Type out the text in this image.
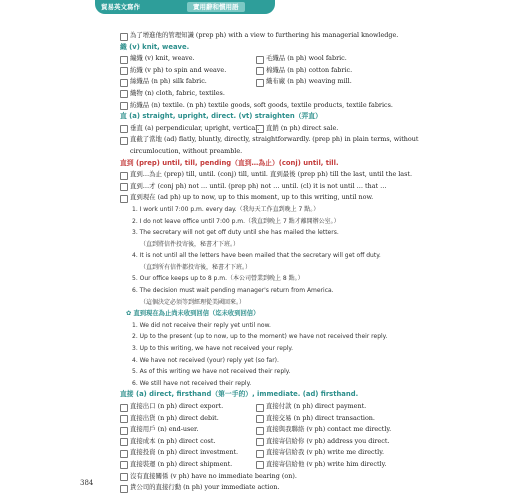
貿易英文寫作	實用辭和慣用語
為了增進他的管理知識 (prep ph) with a view to furthering his managerial knowledge.
織 (v) knit, weave.
編織 (v) knit, weave.	毛織品 (n ph) wool fabric.
紡織 (v ph) to spin and weave.	棉織品 (n ph) cotton fabric.
絲織品 (n ph) silk fabric.	織布廠 (n ph) weaving mill.
織物 (n) cloth, fabric, textiles.
紡織品 (n) textile. (n ph) textile goods, soft goods, textile products, textile fabrics.
直 (a) straight, upright, direct. (vt) straighten（弄直）
垂直 (a) perpendicular, upright, vertical. 直銷 (n ph) direct sale.
直截了當地 (ad) flatly, bluntly, directly, straightforwardly. (prep ph) in plain terms, without
circumlocution, without preamble.
直到 (prep) until, till, pending（直到…為止）(conj) until, till.
直到…為止 (prep) till, until. (conj) till, until. 直到最後 (prep ph) till the last, until the last.
直到…才 (conj ph) not … until. (prep ph) not … until. (cl) it is not until … that …
直到現在 (ad ph) up to now, up to this moment, up to this writing, until now.
1. I work until 7:00 p.m. every day.（我每天工作直到晚上 7 點。）
2. I do not leave office until 7:00 p.m.（我直到晚上 7 點才離開辦公室。）
3. The secretary will not get off duty until she has mailed the letters.
（直到將信件投寄後，秘書才下班。）
4. It is not until all the letters have been mailed that the secretary will get off duty.
（直到所有信件都投寄後，秘書才下班。）
5. Our office keeps up to 8 p.m.（本公司營業到晚上 8 點。）
6. The decision must wait pending manager's return from America.
（這個決定必須等到經理從美國回來。）
✿ 直到現在為止尚未收到回信（迄未收到回信）
1. We did not receive their reply yet until now.
2. Up to the present (up to now, up to the moment) we have not received their reply.
3. Up to this writing, we have not received your reply.
4. We have not received (your) reply yet (so far).
5. As of this writing we have not received their reply.
6. We still have not received their reply.
直接 (a) direct, firsthand（第一手的）, immediate. (ad) firsthand.
直接出口 (n ph) direct export.	直接付款 (n ph) direct payment.
直接出貨 (n ph) direct debit.	直接交易 (n ph) direct transaction.
直接用戶 (n) end-user.	直接與我聯絡 (v ph) contact me directly.
直接成本 (n ph) direct cost.	直接寄信給你 (v ph) address you direct.
直接投資 (n ph) direct investment.	直接寄信給我 (v ph) write me directly.
直接裝運 (n ph) direct shipment.	直接寄信給他 (v ph) write him directly.
沒有直接關係 (v ph) have no immediate bearing (on).
貴公司的直接行動 (n ph) your immediate action.
384
